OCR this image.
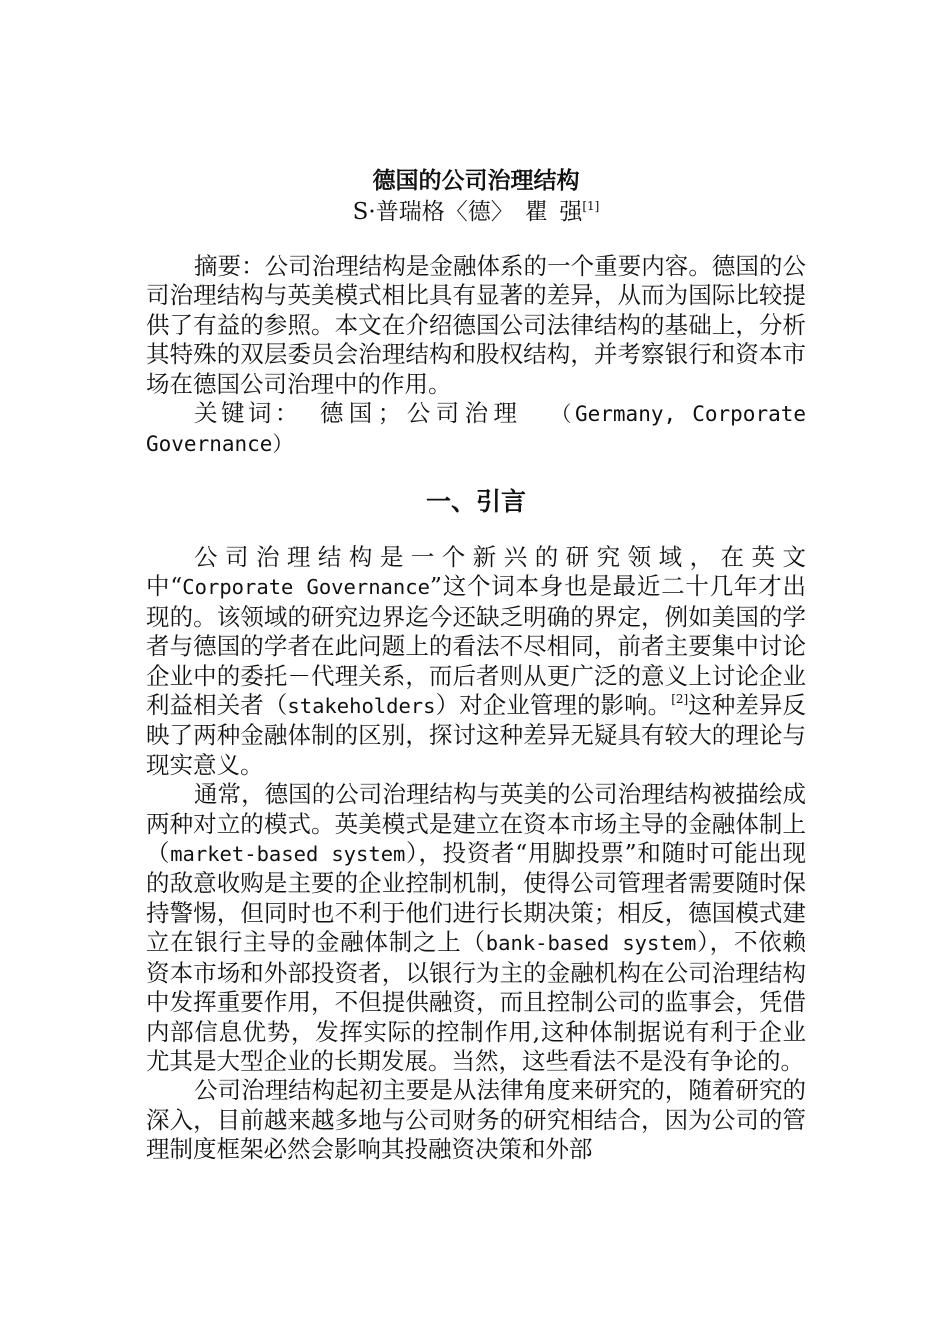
德国的公司治理结构
S·普瑞格〈德〉 瞿 强[1]

摘要：公司治理结构是金融体系的一个重要内容。德国的公司治理结构与英美模式相比具有显著的差异，从而为国际比较提供了有益的参照。本文在介绍德国公司法律结构的基础上，分析其特殊的双层委员会治理结构和股权结构，并考察银行和资本市场在德国公司治理中的作用。

关键词： 德国；公司治理 （Germany, Corporate Governance）

一、引言

公司治理结构是一个新兴的研究领域，在英文中“Corporate Governance”这个词本身也是最近二十几年才出现的。该领域的研究边界迄今还缺乏明确的界定，例如美国的学者与德国的学者在此问题上的看法不尽相同，前者主要集中讨论企业中的委托－代理关系，而后者则从更广泛的意义上讨论企业利益相关者（stakeholders）对企业管理的影响。[2]这种差异反映了两种金融体制的区别，探讨这种差异无疑具有较大的理论与现实意义。

通常，德国的公司治理结构与英美的公司治理结构被描绘成两种对立的模式。英美模式是建立在资本市场主导的金融体制上（market-based system），投资者“用脚投票”和随时可能出现的敌意收购是主要的企业控制机制，使得公司管理者需要随时保持警惕，但同时也不利于他们进行长期决策；相反，德国模式建立在银行主导的金融体制之上（bank-based system），不依赖资本市场和外部投资者，以银行为主的金融机构在公司治理结构中发挥重要作用，不但提供融资，而且控制公司的监事会，凭借内部信息优势，发挥实际的控制作用,这种体制据说有利于企业尤其是大型企业的长期发展。当然，这些看法不是没有争论的。

公司治理结构起初主要是从法律角度来研究的，随着研究的深入，目前越来越多地与公司财务的研究相结合，因为公司的管理制度框架必然会影响其投融资决策和外部
